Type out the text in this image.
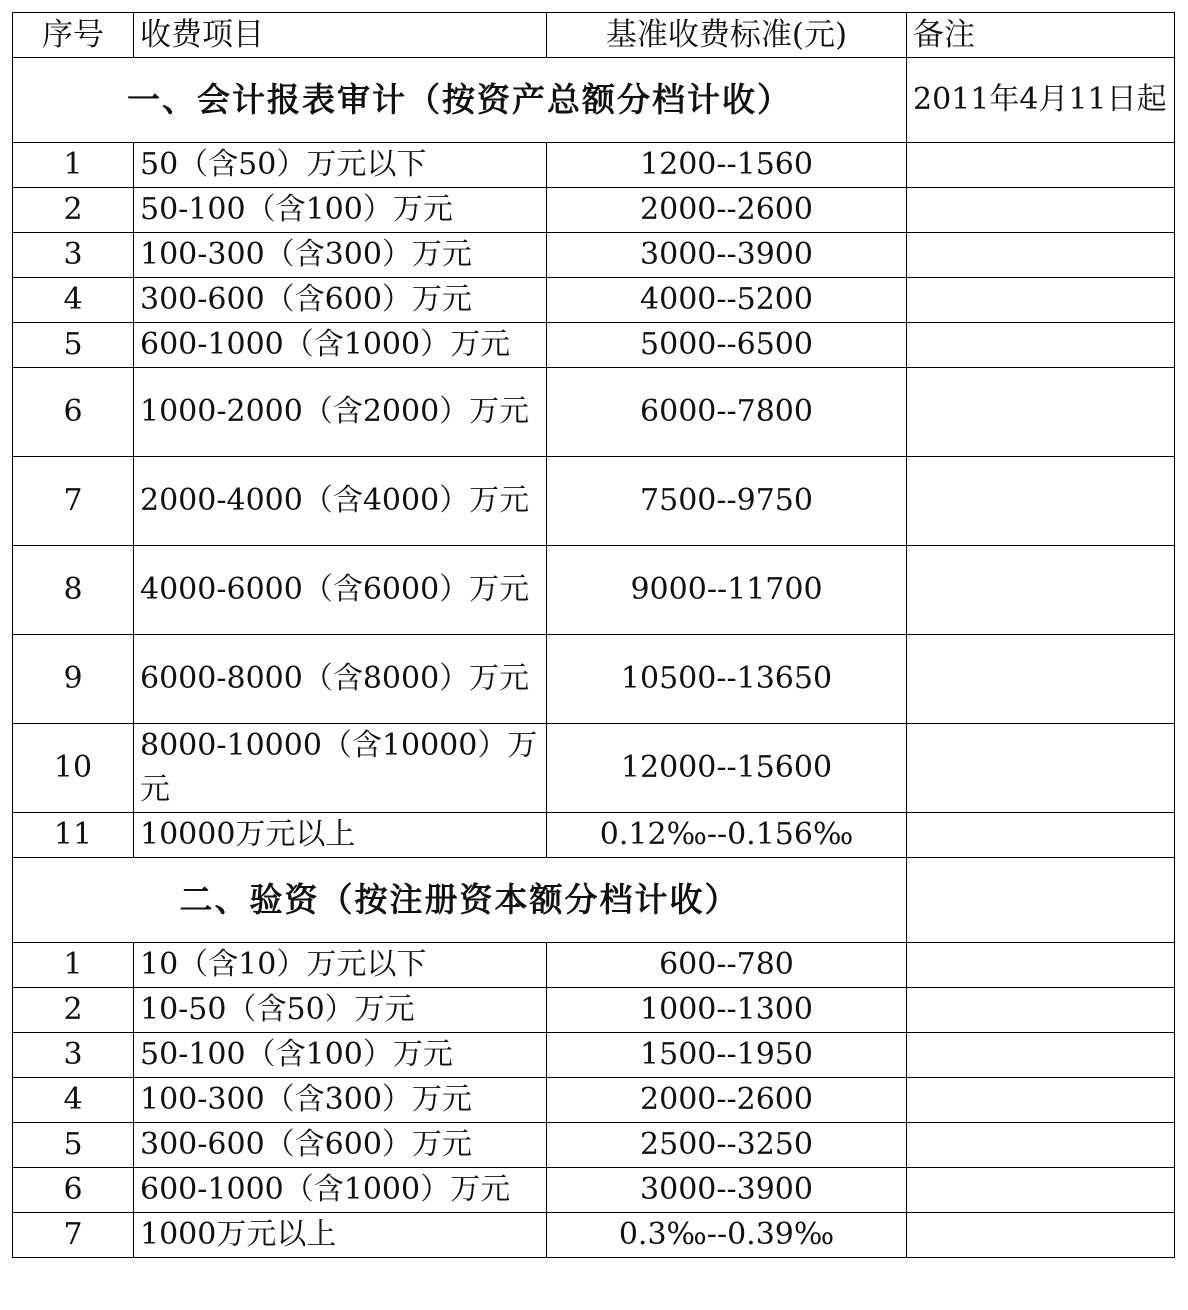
序号	收费项目	基准收费标准(元)	备注
一、会计报表审计（按资产总额分档计收）			2011年4月11日起
1	50（含50）万元以下	1200--1560	
2	50-100（含100）万元	2000--2600	
3	100-300（含300）万元	3000--3900	
4	300-600（含600）万元	4000--5200	
5	600-1000（含1000）万元	5000--6500	
6	1000-2000（含2000）万元	6000--7800	
7	2000-4000（含4000）万元	7500--9750	
8	4000-6000（含6000）万元	9000--11700	
9	6000-8000（含8000）万元	10500--13650	
10	8000-10000（含10000）万元	12000--15600	
11	10000万元以上	0.12‰--0.156‰	
二、验资（按注册资本额分档计收）			
1	10（含10）万元以下	600--780	
2	10-50（含50）万元	1000--1300	
3	50-100（含100）万元	1500--1950	
4	100-300（含300）万元	2000--2600	
5	300-600（含600）万元	2500--3250	
6	600-1000（含1000）万元	3000--3900	
7	1000万元以上	0.3‰--0.39‰	
